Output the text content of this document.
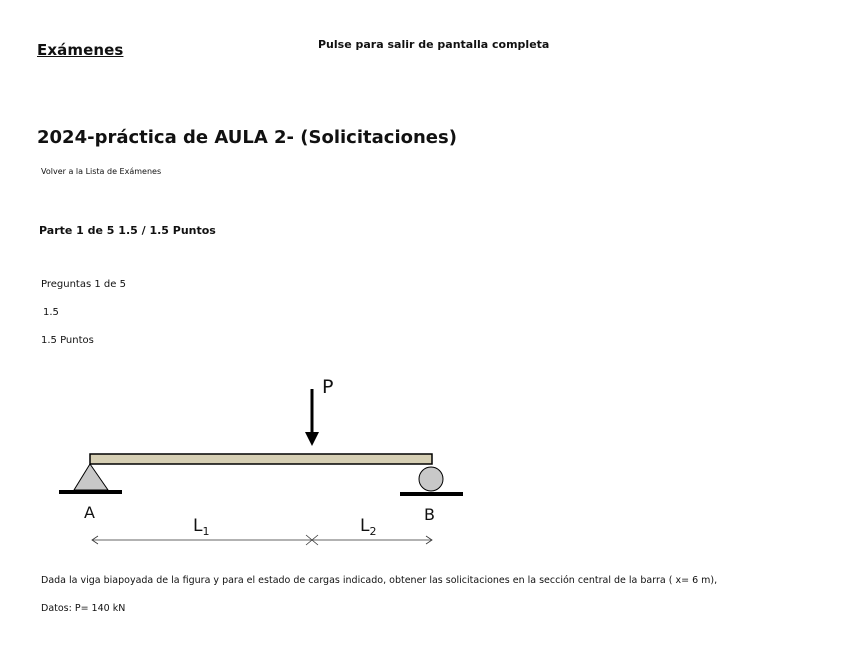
Exámenes	Pulse para salir de pantalla completa
2024-práctica de AULA 2- (Solicitaciones)
Volver a la Lista de Exámenes
Parte 1 de 5 1.5 / 1.5 Puntos
Preguntas 1 de 5
1.5
1.5 Puntos
P
A	B
$L_1$	$L_2$
Dada la viga biapoyada de la figura y para el estado de cargas indicado, obtener las solicitaciones en la sección central de la barra ( x= 6 m),
Datos: P= 140 kN
